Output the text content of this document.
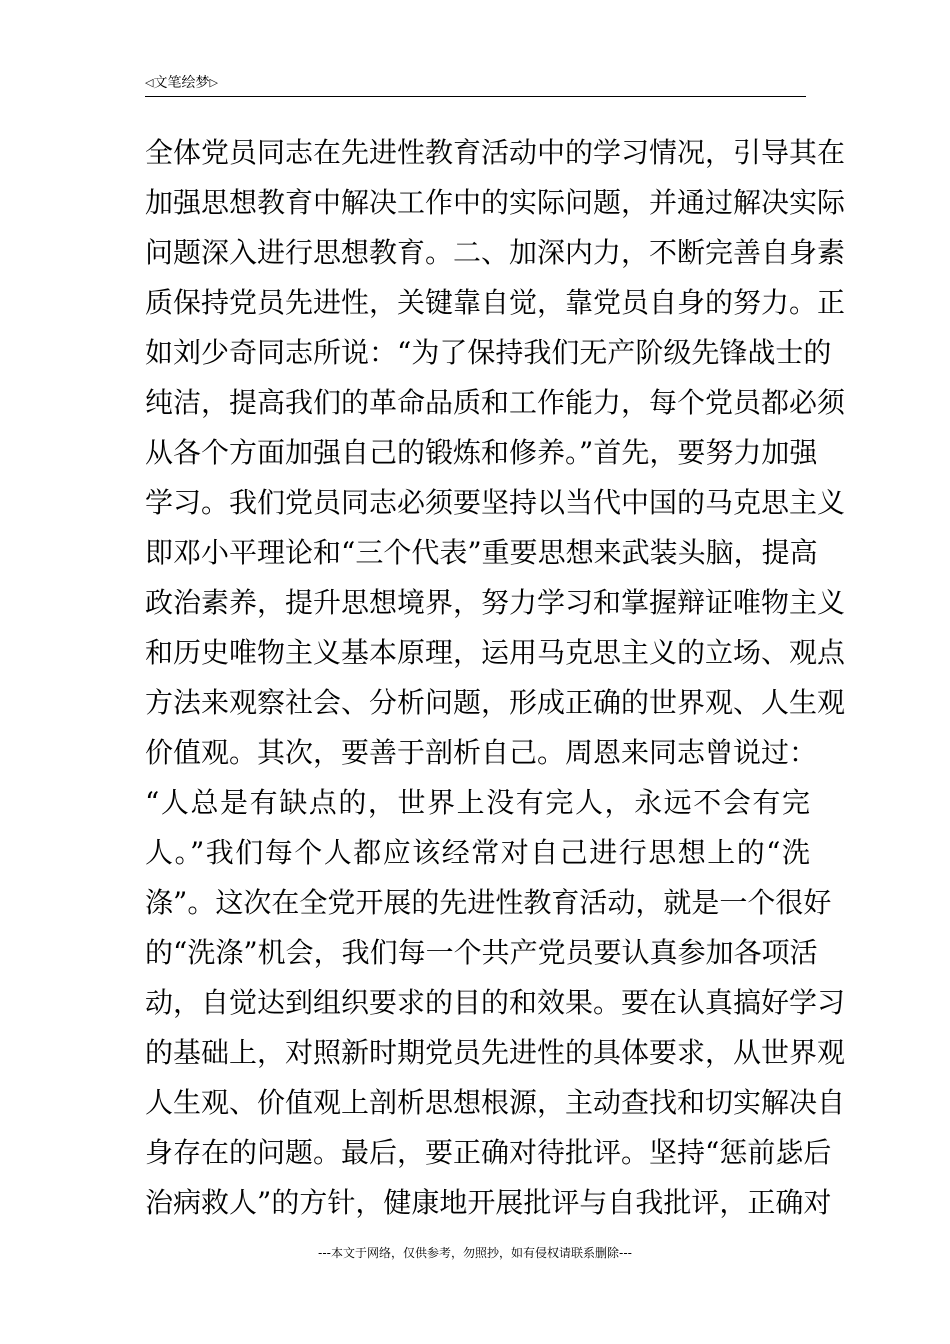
◁文笔绘梦▷
全体党员同志在先进性教育活动中的学习情况，引导其在
加强思想教育中解决工作中的实际问题，并通过解决实际
问题深入进行思想教育。二、加深内力，不断完善自身素
质保持党员先进性，关键靠自觉，靠党员自身的努力。正
如刘少奇同志所说：“为了保持我们无产阶级先锋战士的
纯洁，提高我们的革命品质和工作能力，每个党员都必须
从各个方面加强自己的锻炼和修养。”首先，要努力加强
学习。我们党员同志必须要坚持以当代中国的马克思主义
即邓小平理论和“三个代表”重要思想来武装头脑，提高
政治素养，提升思想境界，努力学习和掌握辩证唯物主义
和历史唯物主义基本原理，运用马克思主义的立场、观点
方法来观察社会、分析问题，形成正确的世界观、人生观
价值观。其次，要善于剖析自己。周恩来同志曾说过：
“人总是有缺点的，世界上没有完人，永远不会有完
人。”我们每个人都应该经常对自己进行思想上的“洗
涤”。这次在全党开展的先进性教育活动，就是一个很好
的“洗涤”机会，我们每一个共产党员要认真参加各项活
动，自觉达到组织要求的目的和效果。要在认真搞好学习
的基础上，对照新时期党员先进性的具体要求，从世界观
人生观、价值观上剖析思想根源，主动查找和切实解决自
身存在的问题。最后，要正确对待批评。坚持“惩前毖后
治病救人”的方针，健康地开展批评与自我批评，正确对
---本文于网络，仅供参考，勿照抄，如有侵权请联系删除---
